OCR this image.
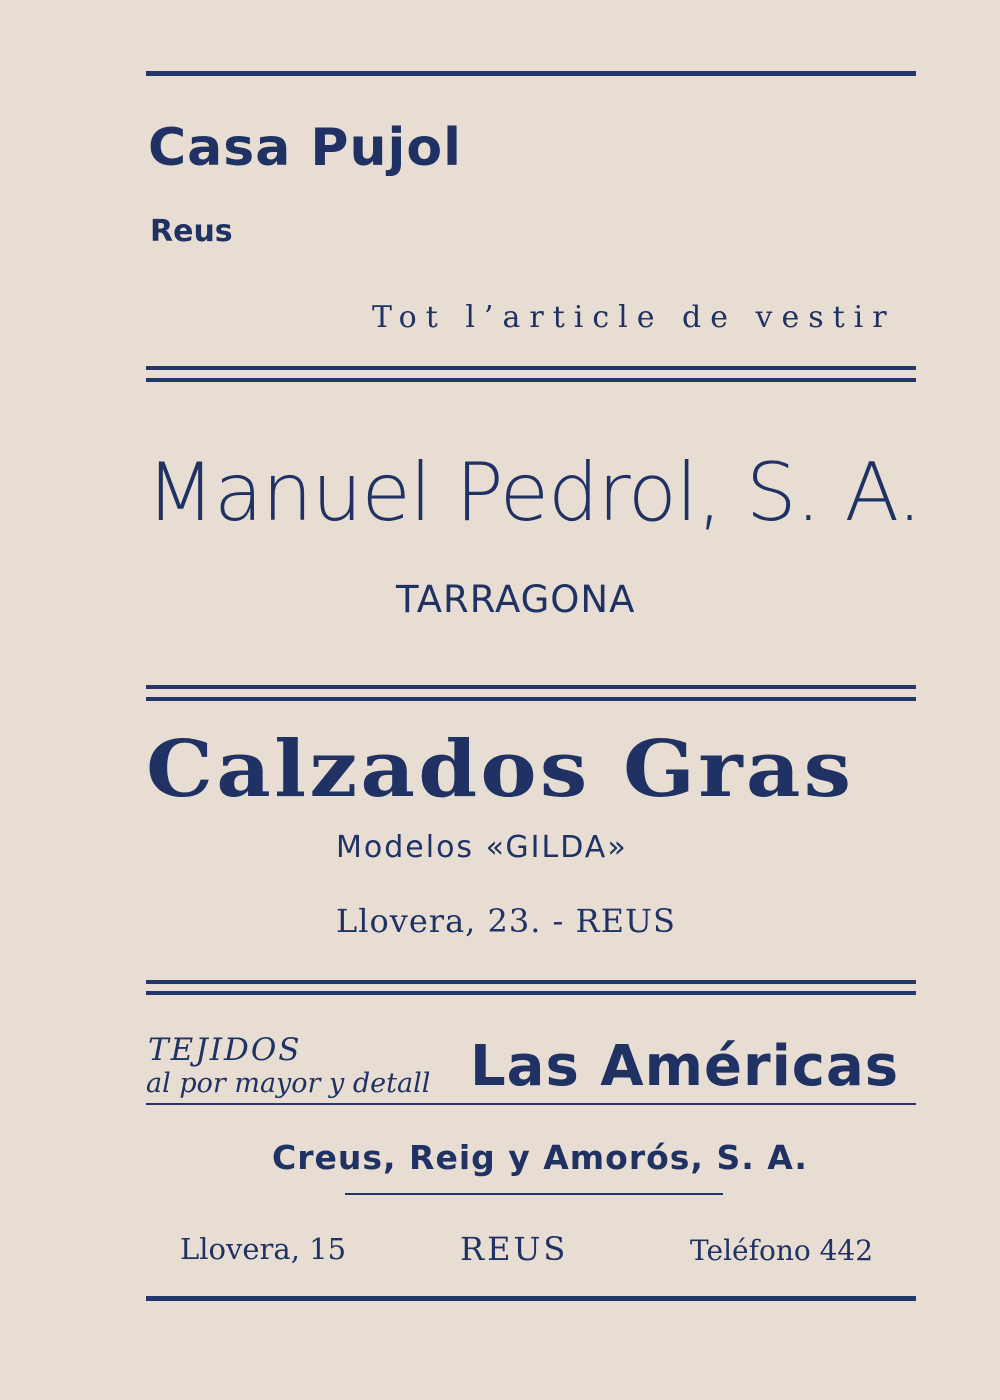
Casa Pujol
Reus
Tot l’article de vestir
Manuel Pedrol, S. A.
TARRAGONA
Calzados Gras
Modelos «GILDA»
Llovera, 23. - REUS
TEJIDOS
al por mayor y detall Las Américas
Creus, Reig y Amorós, S. A.
Llovera, 15	REUS	Teléfono 442
